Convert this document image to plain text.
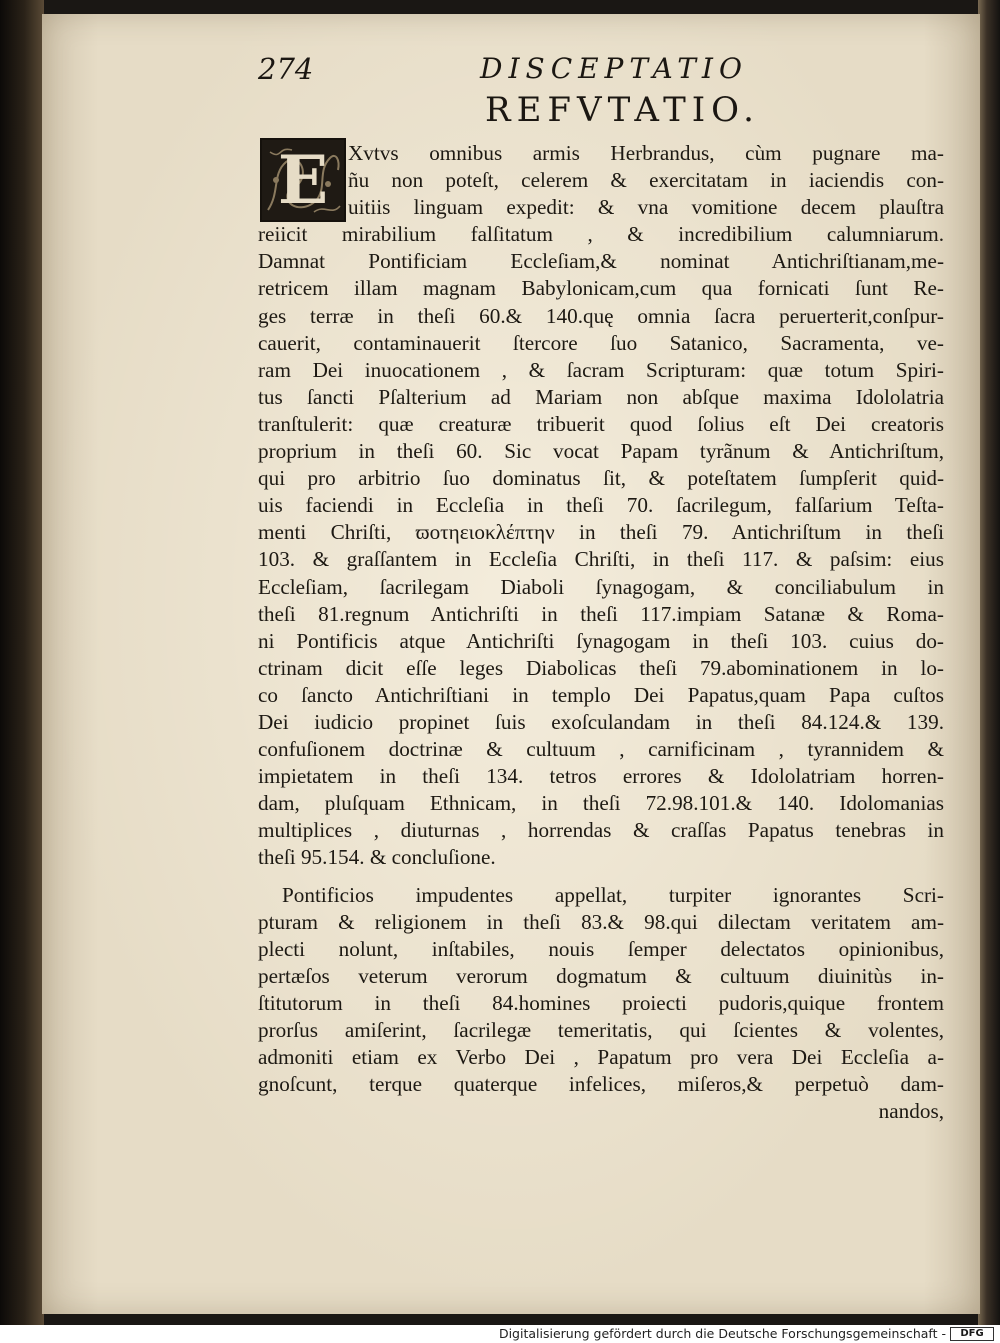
274	DISCEPTATIO
REFVTATIO.
E Xvtvs omnibus armis Herbrandus, cùm pugnare ma-
ñu non poteſt, celerem & exercitatam in iaciendis con-
uitiis linguam expedit: & vna vomitione decem plauſtra
reiicit mirabilium falſitatum , & incredibilium calumniarum.
Damnat Pontificiam Eccleſiam,& nominat Antichriſtianam,me-
retricem illam magnam Babylonicam,cum qua fornicati ſunt Re-
ges terræ in theſi 60.& 140.quę omnia ſacra peruerterit,conſpur-
cauerit, contaminauerit ſtercore ſuo Satanico, Sacramenta, ve-
ram Dei inuocationem , & ſacram Scripturam: quæ totum Spiri-
tus ſancti Pſalterium ad Mariam non abſque maxima Idololatria
tranſtulerit: quæ creaturæ tribuerit quod ſolius eſt Dei creatoris
proprium in theſi 60. Sic vocat Papam tyrãnum & Antichriſtum,
qui pro arbitrio ſuo dominatus ſit, & poteſtatem ſumpſerit quid-
uis faciendi in Eccleſia in theſi 70. ſacrilegum, falſarium Teſta-
menti Chriſti, ϖοτηειοκλέπτην in theſi 79. Antichriſtum in theſi
103. & graſſantem in Eccleſia Chriſti, in theſi 117. & paſsim: eius
Eccleſiam, ſacrilegam Diaboli ſynagogam, & conciliabulum in
theſi 81.regnum Antichriſti in theſi 117.impiam Satanæ & Roma-
ni Pontificis atque Antichriſti ſynagogam in theſi 103. cuius do-
ctrinam dicit eſſe leges Diabolicas theſi 79.abominationem in lo-
co ſancto Antichriſtiani in templo Dei Papatus,quam Papa cuſtos
Dei iudicio propinet ſuis exoſculandam in theſi 84.124.& 139.
confuſionem doctrinæ & cultuum , carnificinam , tyrannidem &
impietatem in theſi 134. tetros errores & Idololatriam horren-
dam, pluſquam Ethnicam, in theſi 72.98.101.& 140. Idolomanias
multiplices , diuturnas , horrendas & craſſas Papatus tenebras in
theſi 95.154. & concluſione.
Pontificios impudentes appellat, turpiter ignorantes Scri-
pturam & religionem in theſi 83.& 98.qui dilectam veritatem am-
plecti nolunt, inſtabiles, nouis ſemper delectatos opinionibus,
pertæſos veterum verorum dogmatum & cultuum diuinitùs in-
ſtitutorum in theſi 84.homines proiecti pudoris,quique frontem
prorſus amiſerint, ſacrilegæ temeritatis, qui ſcientes & volentes,
admoniti etiam ex Verbo Dei , Papatum pro vera Dei Eccleſia a-
gnoſcunt, terque quaterque infelices, miſeros,& perpetuò dam-
nandos,
Digitalisierung gefördert durch die Deutsche Forschungsgemeinschaft -	DFG
